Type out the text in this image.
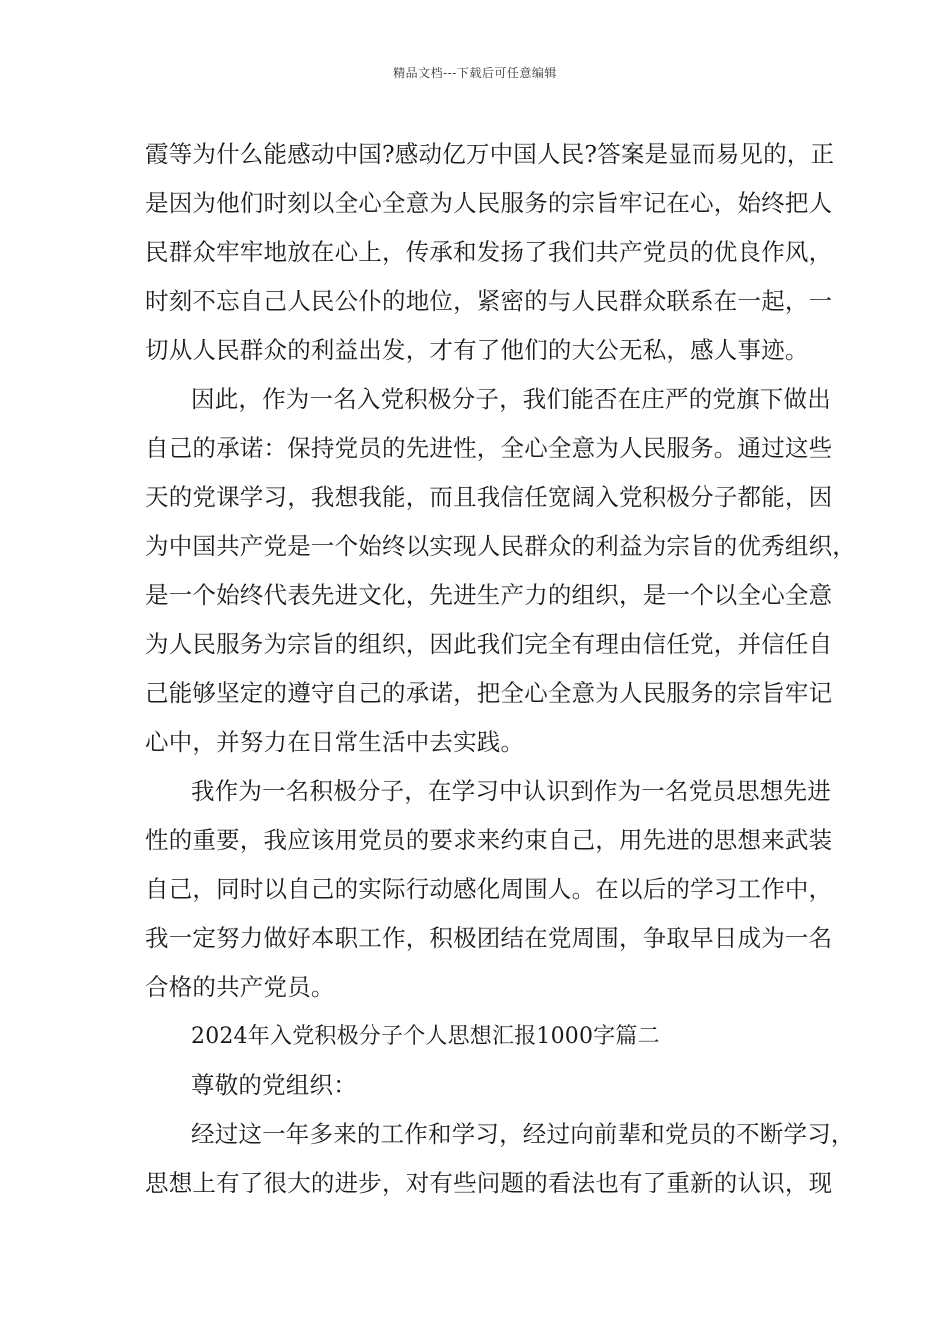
精品文档---下载后可任意编辑
霞等为什么能感动中国?感动亿万中国人民?答案是显而易见的，正
是因为他们时刻以全心全意为人民服务的宗旨牢记在心，始终把人
民群众牢牢地放在心上，传承和发扬了我们共产党员的优良作风，
时刻不忘自己人民公仆的地位，紧密的与人民群众联系在一起，一
切从人民群众的利益出发，才有了他们的大公无私，感人事迹。
因此，作为一名入党积极分子，我们能否在庄严的党旗下做出
自己的承诺：保持党员的先进性，全心全意为人民服务。通过这些
天的党课学习，我想我能，而且我信任宽阔入党积极分子都能，因
为中国共产党是一个始终以实现人民群众的利益为宗旨的优秀组织，
是一个始终代表先进文化，先进生产力的组织，是一个以全心全意
为人民服务为宗旨的组织，因此我们完全有理由信任党，并信任自
己能够坚定的遵守自己的承诺，把全心全意为人民服务的宗旨牢记
心中，并努力在日常生活中去实践。
我作为一名积极分子，在学习中认识到作为一名党员思想先进
性的重要，我应该用党员的要求来约束自己，用先进的思想来武装
自己，同时以自己的实际行动感化周围人。在以后的学习工作中，
我一定努力做好本职工作，积极团结在党周围，争取早日成为一名
合格的共产党员。
2024年入党积极分子个人思想汇报1000字篇二
尊敬的党组织：
经过这一年多来的工作和学习，经过向前辈和党员的不断学习，
思想上有了很大的进步，对有些问题的看法也有了重新的认识，现
